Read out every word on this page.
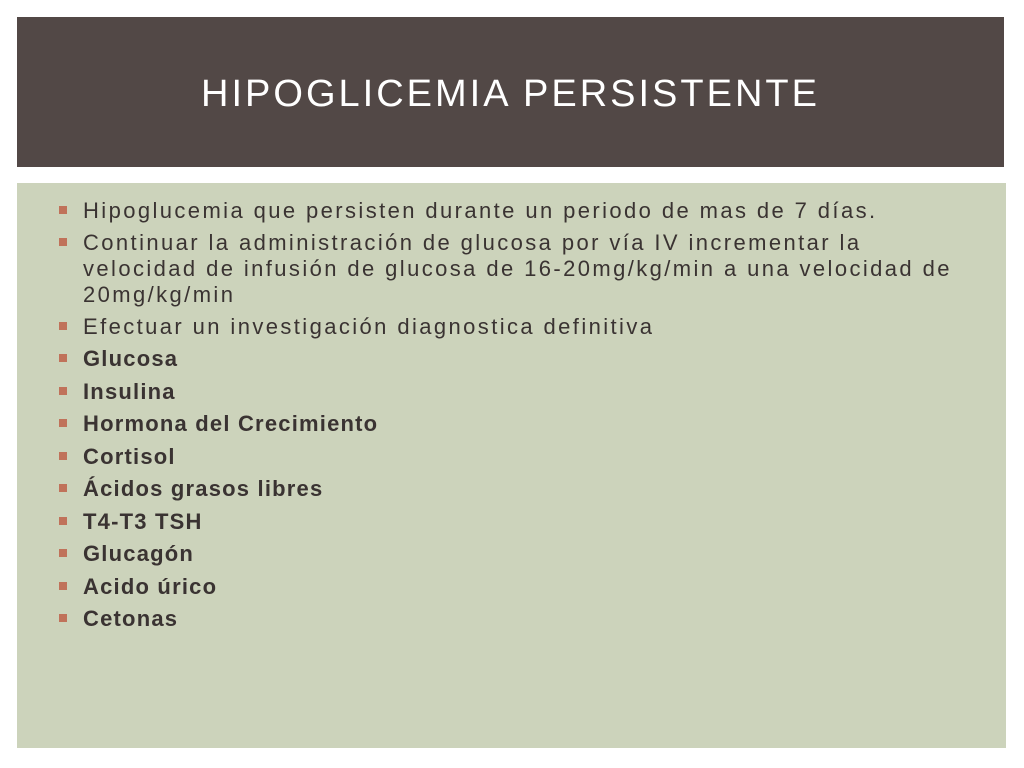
HIPOGLICEMIA PERSISTENTE
Hipoglucemia que persisten durante un periodo de mas de 7 días.
Continuar la administración de glucosa por vía IV incrementar la velocidad de infusión de glucosa de 16-20mg/kg/min a una velocidad de 20mg/kg/min
Efectuar un investigación diagnostica definitiva
Glucosa
Insulina
Hormona del Crecimiento
Cortisol
Ácidos grasos libres
T4-T3 TSH
Glucagón
Acido úrico
Cetonas
